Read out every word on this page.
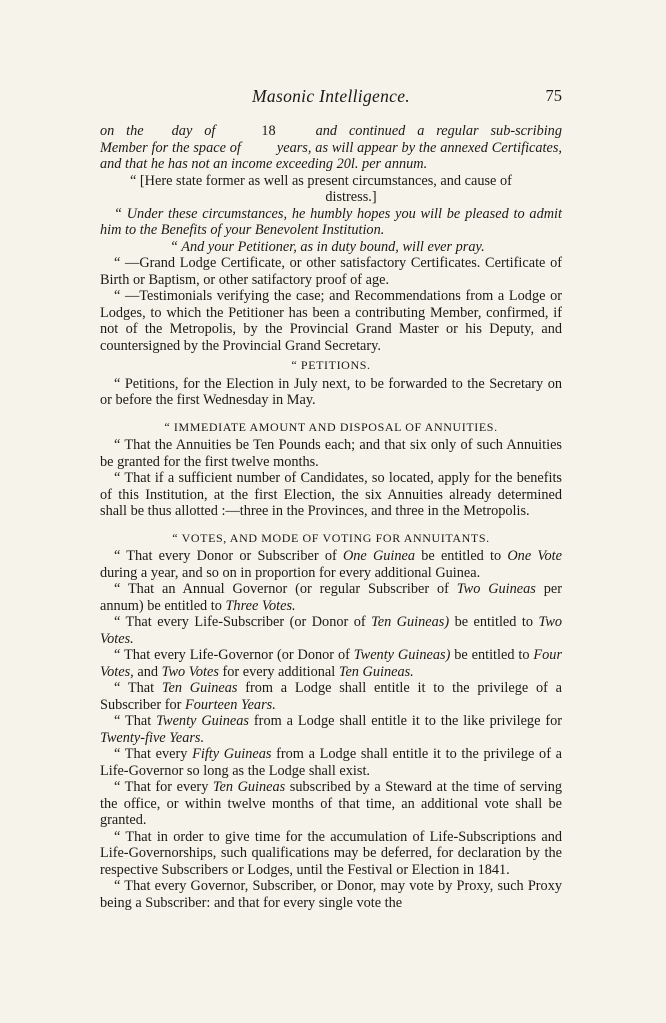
Masonic Intelligence.	75

on the day of	18	and continued a regular sub-scribing Member for the space of	years, as will appear by the annexed Certificates, and that he has not an income exceeding 20l. per annum.

“ [Here state former as well as present circumstances, and cause of

distress.]

“ Under these circumstances, he humbly hopes you will be pleased to admit him to the Benefits of your Benevolent Institution.

“ And your Petitioner, as in duty bound, will ever pray.

“ —Grand Lodge Certificate, or other satisfactory Certificates. Certificate of Birth or Baptism, or other satifactory proof of age.

“ —Testimonials verifying the case; and Recommendations from a Lodge or Lodges, to which the Petitioner has been a contributing Member, confirmed, if not of the Metropolis, by the Provincial Grand Master or his Deputy, and countersigned by the Provincial Grand Secretary.

“ PETITIONS.

“ Petitions, for the Election in July next, to be forwarded to the Secretary on or before the first Wednesday in May.

“ IMMEDIATE AMOUNT AND DISPOSAL OF ANNUITIES.

“ That the Annuities be Ten Pounds each; and that six only of such Annuities be granted for the first twelve months.

“ That if a sufficient number of Candidates, so located, apply for the benefits of this Institution, at the first Election, the six Annuities already determined shall be thus allotted :—three in the Provinces, and three in the Metropolis.

“ VOTES, AND MODE OF VOTING FOR ANNUITANTS.

“ That every Donor or Subscriber of One Guinea be entitled to One Vote during a year, and so on in proportion for every additional Guinea.

“ That an Annual Governor (or regular Subscriber of Two Guineas per annum) be entitled to Three Votes.

“ That every Life-Subscriber (or Donor of Ten Guineas) be entitled to Two Votes.

“ That every Life-Governor (or Donor of Twenty Guineas) be entitled to Four Votes, and Two Votes for every additional Ten Guineas.

“ That Ten Guineas from a Lodge shall entitle it to the privilege of a Subscriber for Fourteen Years.

“ That Twenty Guineas from a Lodge shall entitle it to the like privilege for Twenty-five Years.

“ That every Fifty Guineas from a Lodge shall entitle it to the privilege of a Life-Governor so long as the Lodge shall exist.

“ That for every Ten Guineas subscribed by a Steward at the time of serving the office, or within twelve months of that time, an additional vote shall be granted.

“ That in order to give time for the accumulation of Life-Subscriptions and Life-Governorships, such qualifications may be deferred, for declaration by the respective Subscribers or Lodges, until the Festival or Election in 1841.

“ That every Governor, Subscriber, or Donor, may vote by Proxy, such Proxy being a Subscriber: and that for every single vote the
